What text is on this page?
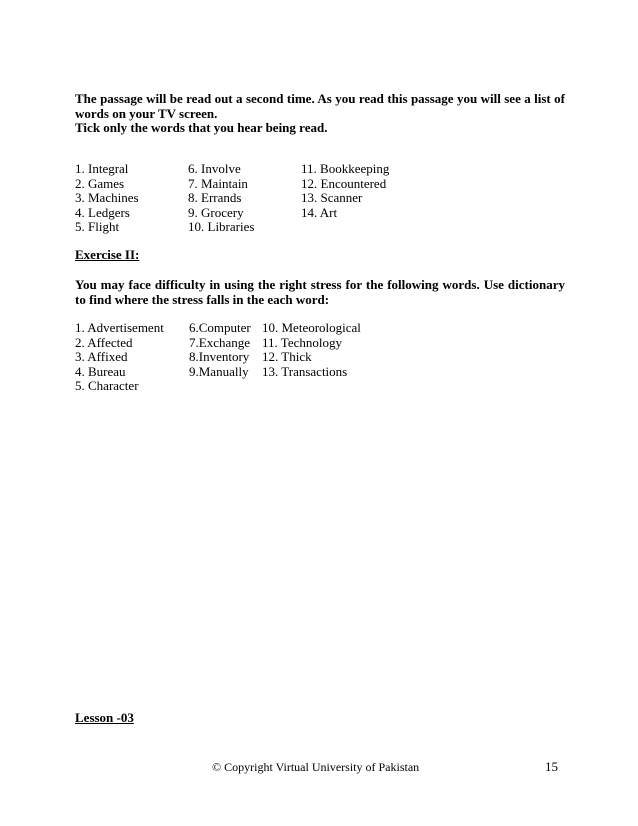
The passage will be read out a second time. As you read this passage you will see a list of words on your TV screen.
Tick only the words that you hear being read.
1. Integral
2. Games
3. Machines
4. Ledgers
5. Flight
6. Involve
7. Maintain
8. Errands
9. Grocery
10. Libraries
11. Bookkeeping
12. Encountered
13. Scanner
14. Art
Exercise II:
You may face difficulty in using the right stress for the following words. Use dictionary to find where the stress falls in the each word:
1. Advertisement
2. Affected
3. Affixed
4. Bureau
5. Character
6.Computer
7.Exchange
8.Inventory
9.Manually
10. Meteorological
11. Technology
12. Thick
13. Transactions
Lesson -03
© Copyright Virtual University of Pakistan	15
